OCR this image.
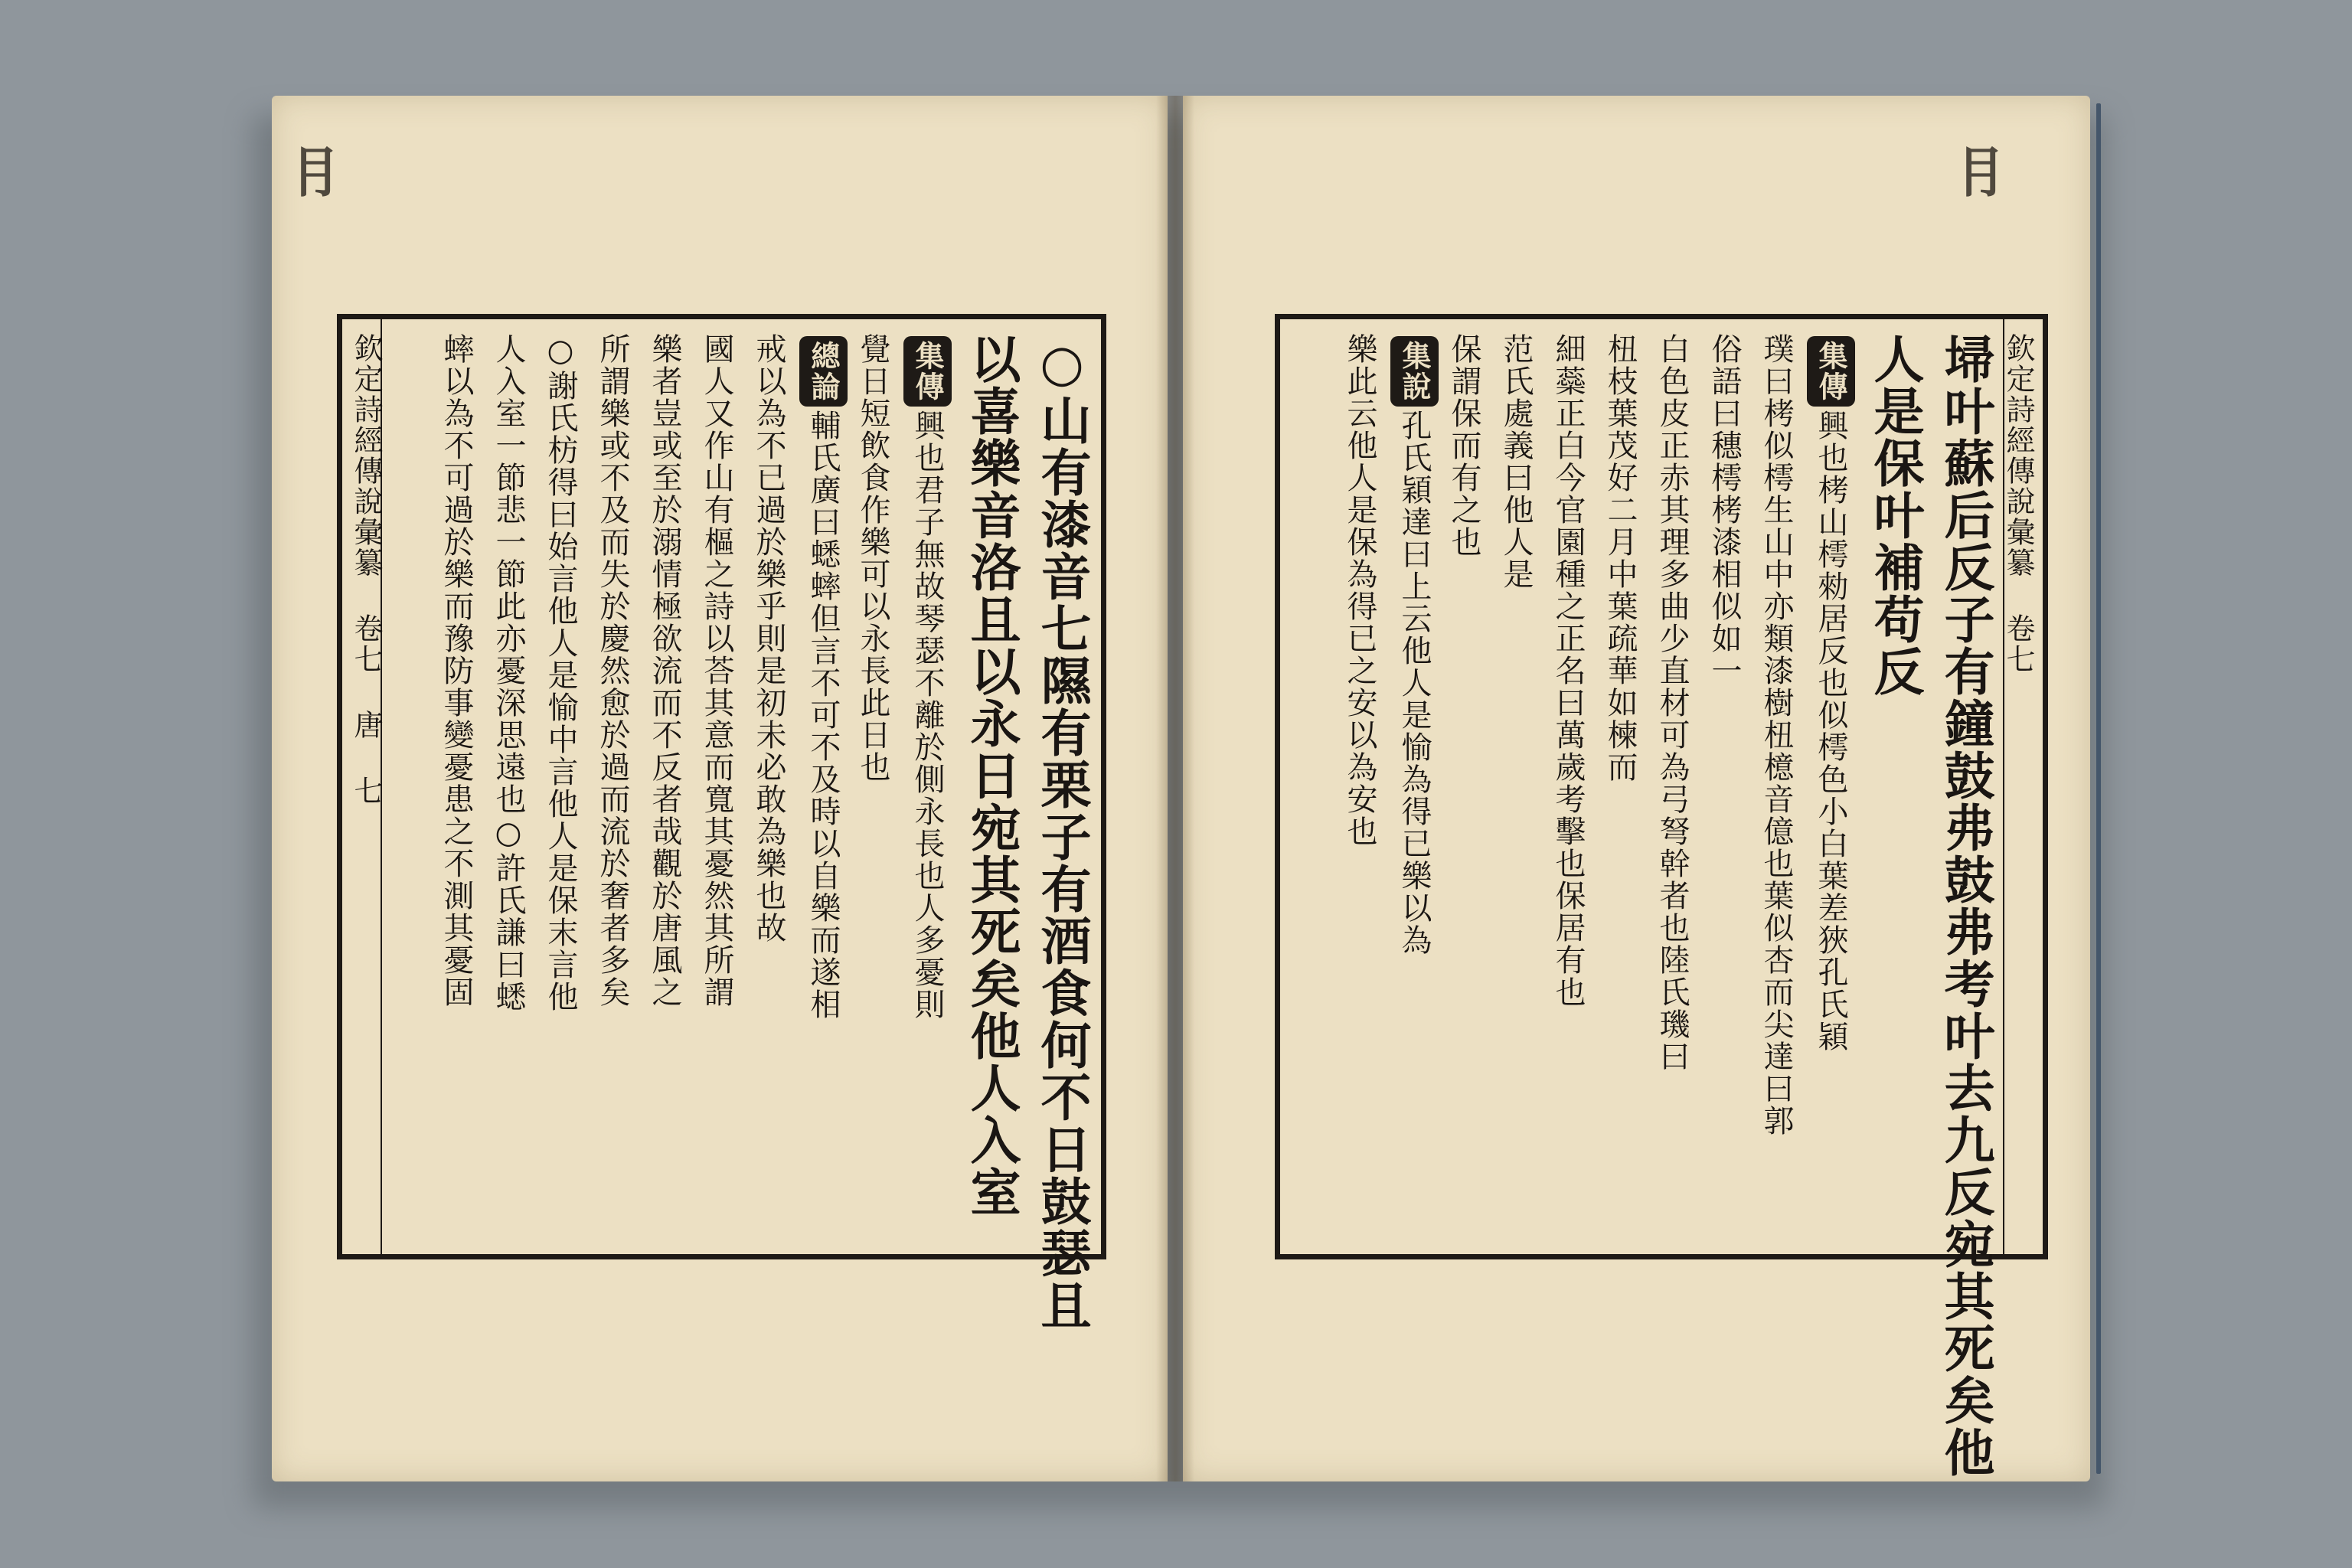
⺝	⺝
欽定詩經傳說彙纂 卷七 唐 七	○山有漆音七隰有栗子有酒食何不日鼓瑟且
以喜樂音洛且以永日宛其死矣他人入室
集傳興也君子無故琴瑟不離於側永長也人多憂則
覺日短飲食作樂可以永長此日也
總論輔氏廣曰蟋蟀但言不可不及時以自樂而遂相
戒以為不已過於樂乎則是初未必敢為樂也故
國人又作山有樞之詩以荅其意而寬其憂然其所謂
樂者豈或至於溺情極欲流而不反者哉觀於唐風之
所謂樂或不及而失於慶然愈於過而流於奢者多矣
○謝氏枋得曰始言他人是愉中言他人是保末言他
人入室一節悲一節此亦憂深思遠也○許氏謙曰蟋
蟀以為不可過於樂而豫防事變憂患之不測其憂固	欽定詩經傳說彙纂 卷七
埽叶蘇后反子有鐘鼓弗鼓弗考叶去九反宛其死矣他
人是保叶補苟反
集傳興也栲山樗勑居反也似樗色小白葉差狹孔氏穎
璞曰栲似樗生山中亦類漆樹杻檍音億也葉似杏而尖達曰郭
俗語曰穗樗栲漆相似如一
白色皮正赤其理多曲少直材可為弓弩幹者也陸氏璣曰
杻枝葉茂好二月中葉疏華如楝而
細蘂正白今官園種之正名曰萬歲考擊也保居有也
范氏處義曰他人是
保謂保而有之也
集說孔氏穎達曰上云他人是愉為得已樂以為
樂此云他人是保為得已之安以為安也
